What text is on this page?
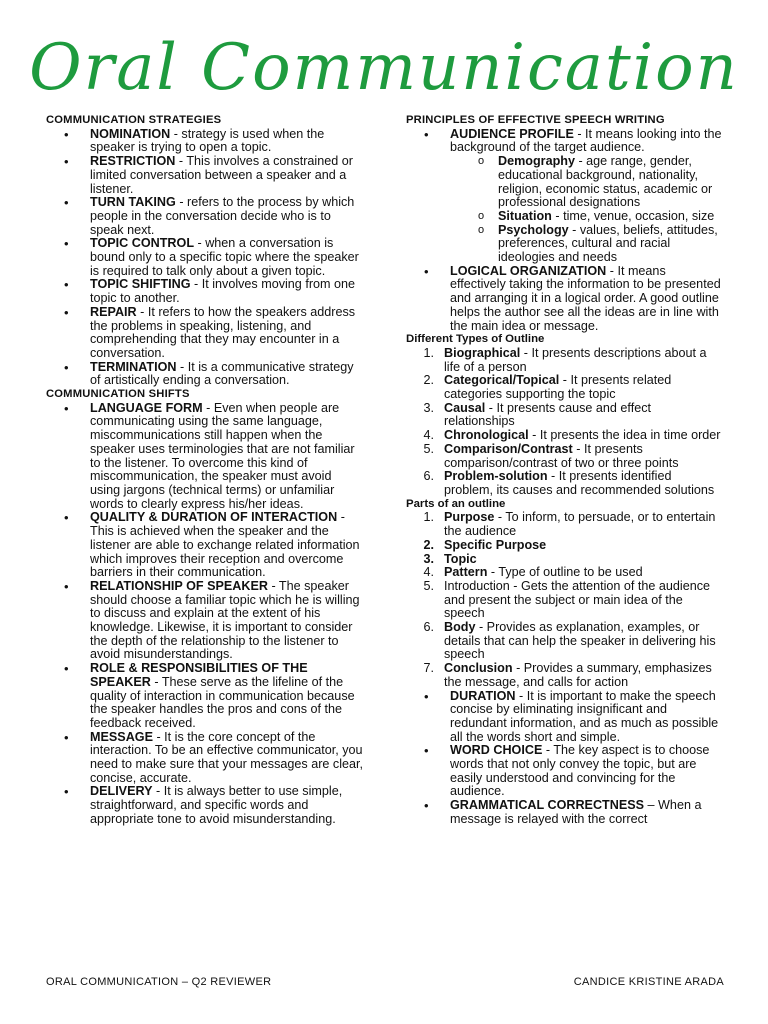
Oral Communication
COMMUNICATION STRATEGIES
• NOMINATION - strategy is used when the speaker is trying to open a topic.
• RESTRICTION - This involves a constrained or limited conversation between a speaker and a listener.
• TURN TAKING - refers to the process by which people in the conversation decide who is to speak next.
• TOPIC CONTROL - when a conversation is bound only to a specific topic where the speaker is required to talk only about a given topic.
• TOPIC SHIFTING - It involves moving from one topic to another.
• REPAIR - It refers to how the speakers address the problems in speaking, listening, and comprehending that they may encounter in a conversation.
• TERMINATION - It is a communicative strategy of artistically ending a conversation.
COMMUNICATION SHIFTS
• LANGUAGE FORM - Even when people are communicating using the same language, miscommunications still happen when the speaker uses terminologies that are not familiar to the listener. To overcome this kind of miscommunication, the speaker must avoid using jargons (technical terms) or unfamiliar words to clearly express his/her ideas.
• QUALITY & DURATION OF INTERACTION - This is achieved when the speaker and the listener are able to exchange related information which improves their reception and overcome barriers in their communication.
• RELATIONSHIP OF SPEAKER - The speaker should choose a familiar topic which he is willing to discuss and explain at the extent of his knowledge. Likewise, it is important to consider the depth of the relationship to the listener to avoid misunderstandings.
• ROLE & RESPONSIBILITIES OF THE SPEAKER - These serve as the lifeline of the quality of interaction in communication because the speaker handles the pros and cons of the feedback received.
• MESSAGE - It is the core concept of the interaction. To be an effective communicator, you need to make sure that your messages are clear, concise, accurate.
• DELIVERY - It is always better to use simple, straightforward, and specific words and appropriate tone to avoid misunderstanding.
PRINCIPLES OF EFFECTIVE SPEECH WRITING
• AUDIENCE PROFILE - It means looking into the background of the target audience.
o Demography - age range, gender, educational background, nationality, religion, economic status, academic or professional designations
o Situation - time, venue, occasion, size
o Psychology - values, beliefs, attitudes, preferences, cultural and racial ideologies and needs
• LOGICAL ORGANIZATION - It means effectively taking the information to be presented and arranging it in a logical order. A good outline helps the author see all the ideas are in line with the main idea or message.
Different Types of Outline
1. Biographical - It presents descriptions about a life of a person
2. Categorical/Topical - It presents related categories supporting the topic
3. Causal - It presents cause and effect relationships
4. Chronological - It presents the idea in time order
5. Comparison/Contrast - It presents comparison/contrast of two or three points
6. Problem-solution - It presents identified problem, its causes and recommended solutions
Parts of an outline
1. Purpose - To inform, to persuade, or to entertain the audience
2. Specific Purpose
3. Topic
4. Pattern - Type of outline to be used
5. Introduction - Gets the attention of the audience and present the subject or main idea of the speech
6. Body - Provides as explanation, examples, or details that can help the speaker in delivering his speech
7. Conclusion - Provides a summary, emphasizes the message, and calls for action
• DURATION - It is important to make the speech concise by eliminating insignificant and redundant information, and as much as possible all the words short and simple.
• WORD CHOICE - The key aspect is to choose words that not only convey the topic, but are easily understood and convincing for the audience.
• GRAMMATICAL CORRECTNESS – When a message is relayed with the correct
ORAL COMMUNICATION – Q2 REVIEWER	CANDICE KRISTINE ARADA
